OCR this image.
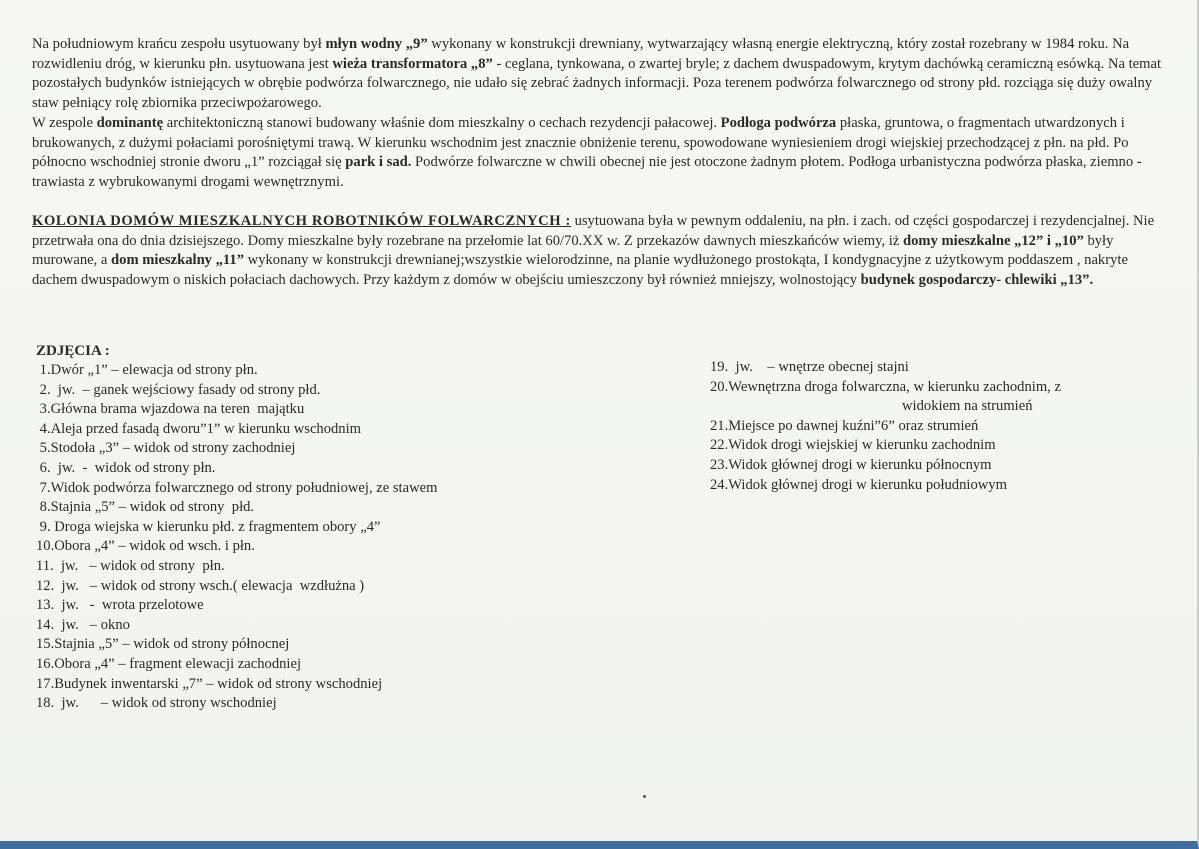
Na południowym krańcu zespołu usytuowany był młyn wodny „9” wykonany w konstrukcji drewniany, wytwarzający własną energie elektryczną, który został rozebrany w 1984 roku. Na rozwidleniu dróg, w kierunku płn. usytuowana jest wieża transformatora „8” - ceglana, tynkowana, o zwartej bryle; z dachem dwuspadowym, krytym dachówką ceramiczną esówką. Na temat pozostałych budynków istniejących w obrębie podwórza folwarcznego, nie udało się zebrać żadnych informacji. Poza terenem podwórza folwarcznego od strony płd. rozciąga się duży owalny staw pełniący rolę zbiornika przeciwpożarowego.

W zespole dominantę architektoniczną stanowi budowany właśnie dom mieszkalny o cechach rezydencji pałacowej. Podłoga podwórza płaska, gruntowa, o fragmentach utwardzonych i brukowanych, z dużymi połaciami porośniętymi trawą. W kierunku wschodnim jest znacznie obniżenie terenu, spowodowane wyniesieniem drogi wiejskiej przechodzącej z płn. na płd. Po północno wschodniej stronie dworu „1” rozciągał się park i sad. Podwórze folwarczne w chwili obecnej nie jest otoczone żadnym płotem. Podłoga urbanistyczna podwórza płaska, ziemno - trawiasta z wybrukowanymi drogami wewnętrznymi.

KOLONIA DOMÓW MIESZKALNYCH ROBOTNIKÓW FOLWARCZNYCH : usytuowana była w pewnym oddaleniu, na płn. i zach. od części gospodarczej i rezydencjalnej. Nie przetrwała ona do dnia dzisiejszego. Domy mieszkalne były rozebrane na przełomie lat 60/70.XX w. Z przekazów dawnych mieszkańców wiemy, iż domy mieszkalne „12” i „10” były murowane, a dom mieszkalny „11” wykonany w konstrukcji drewnianej;wszystkie wielorodzinne, na planie wydłużonego prostokąta, I kondygnacyjne z użytkowym poddaszem , nakryte dachem dwuspadowym o niskich połaciach dachowych. Przy każdym z domów w obejściu umieszczony był również mniejszy, wolnostojący budynek gospodarczy- chlewiki „13”.

ZDJĘCIA :

1.Dwór „1” – elewacja od strony płn.
2.  jw.  – ganek wejściowy fasady od strony płd.
3.Główna brama wjazdowa na teren  majątku
4.Aleja przed fasadą dworu”1” w kierunku wschodnim
5.Stodoła „3” – widok od strony zachodniej
6.  jw.  -  widok od strony płn.
7.Widok podwórza folwarcznego od strony południowej, ze stawem
8.Stajnia „5” – widok od strony  płd.
9. Droga wiejska w kierunku płd. z fragmentem obory „4”
10.Obora „4” – widok od wsch. i płn.
11.  jw.   – widok od strony  płn.
12.  jw.   – widok od strony wsch.( elewacja  wzdłużna )
13.  jw.   -  wrota przelotowe
14.  jw.   – okno
15.Stajnia „5” – widok od strony północnej
16.Obora „4” – fragment elewacji zachodniej
17.Budynek inwentarski „7” – widok od strony wschodniej
18.  jw.      – widok od strony wschodniej
19.  jw.    – wnętrze obecnej stajni
20.Wewnętrzna droga folwarczna, w kierunku zachodnim, z
widokiem na strumień
21.Miejsce po dawnej kuźni”6” oraz strumień
22.Widok drogi wiejskiej w kierunku zachodnim
23.Widok głównej drogi w kierunku północnym
24.Widok głównej drogi w kierunku południowym
